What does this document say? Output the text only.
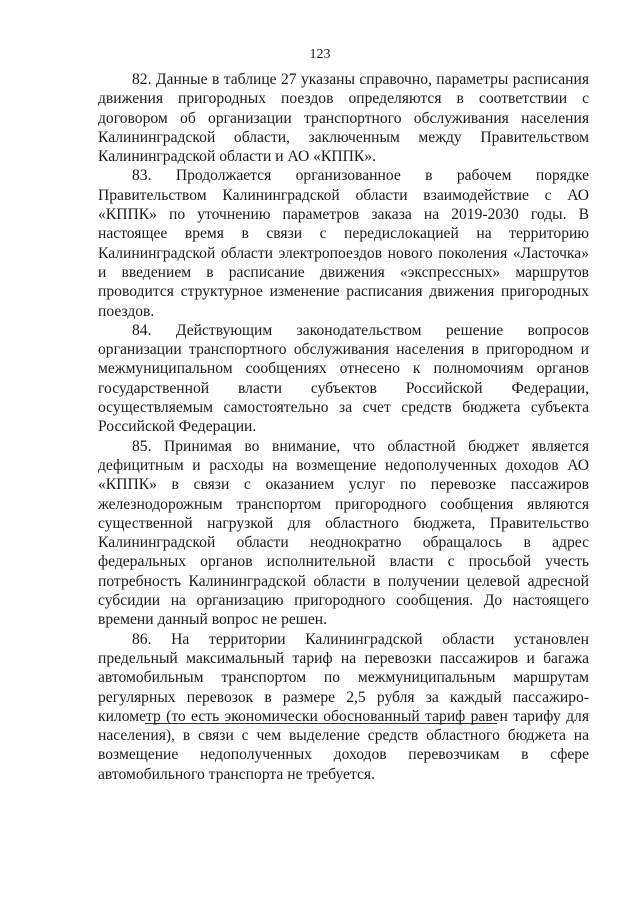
123

82. Данные в таблице 27 указаны справочно, параметры расписания движения пригородных поездов определяются в соответствии с договором об организации транспортного обслуживания населения Калининградской области, заключенным между Правительством Калининградской области и АО «КППК».

83. Продолжается организованное в рабочем порядке Правительством Калининградской области взаимодействие с АО «КППК» по уточнению параметров заказа на 2019-2030 годы. В настоящее время в связи с передислокацией на территорию Калининградской области электропоездов нового поколения «Ласточка» и введением в расписание движения «экспрессных» маршрутов проводится структурное изменение расписания движения пригородных поездов.

84. Действующим законодательством решение вопросов организации транспортного обслуживания населения в пригородном и межмуниципальном сообщениях отнесено к полномочиям органов государственной власти субъектов Российской Федерации, осуществляемым самостоятельно за счет средств бюджета субъекта Российской Федерации.

85. Принимая во внимание, что областной бюджет является дефицитным и расходы на возмещение недополученных доходов АО «КППК» в связи с оказанием услуг по перевозке пассажиров железнодорожным транспортом пригородного сообщения являются существенной нагрузкой для областного бюджета, Правительство Калининградской области неоднократно обращалось в адрес федеральных органов исполнительной власти с просьбой учесть потребность Калининградской области в получении целевой адресной субсидии на организацию пригородного сообщения. До настоящего времени данный вопрос не решен.

86. На территории Калининградской области установлен предельный максимальный тариф на перевозки пассажиров и багажа автомобильным транспортом по межмуниципальным маршрутам регулярных перевозок в размере 2,5 рубля за каждый пассажиро-километр (то есть экономически обоснованный тариф равен тарифу для населения), в связи с чем выделение средств областного бюджета на возмещение недополученных доходов перевозчикам в сфере автомобильного транспорта не требуется.
